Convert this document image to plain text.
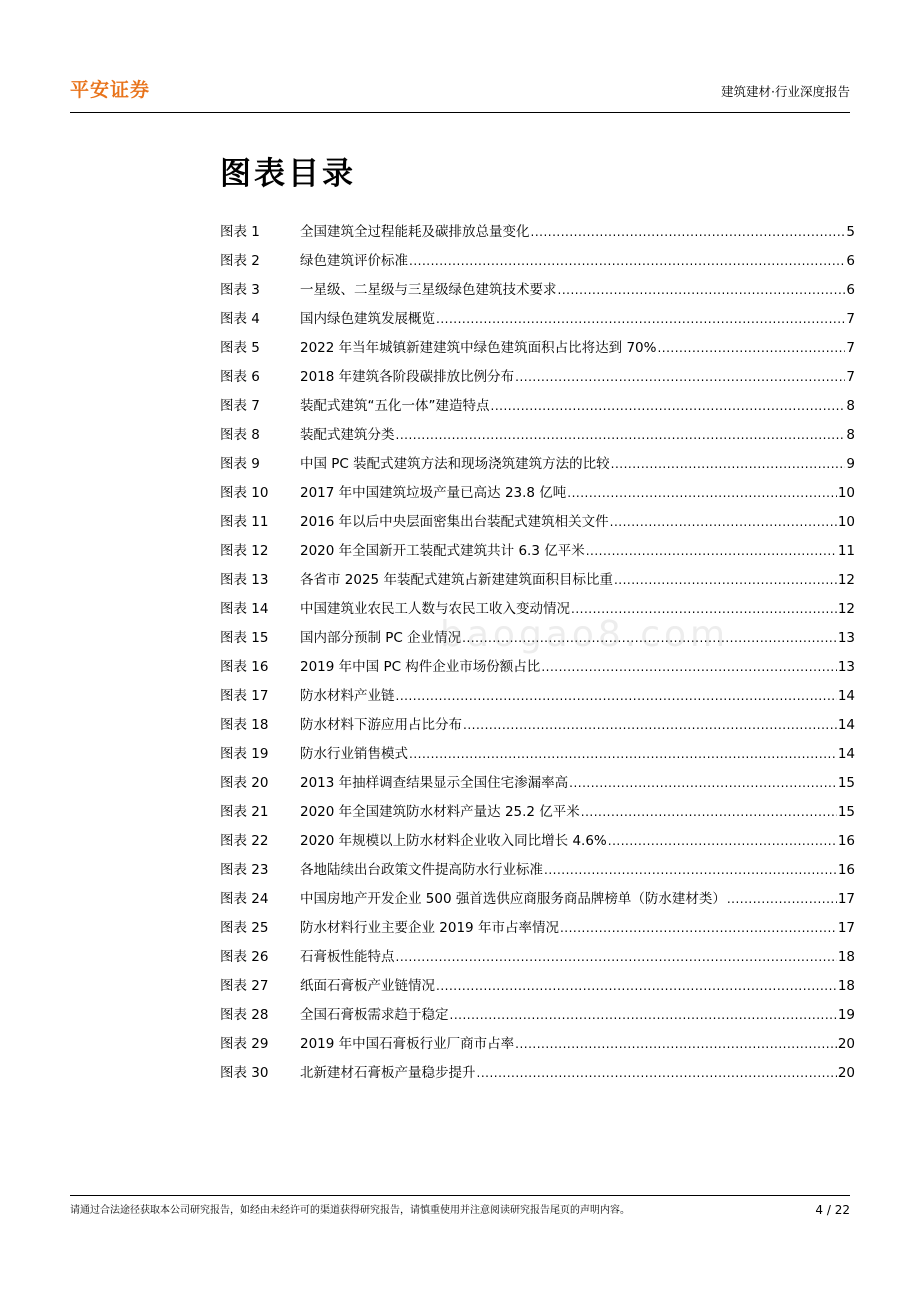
平安证券	建筑建材·行业深度报告
图表目录
图表 1	全国建筑全过程能耗及碳排放总量变化 .....	5
图表 2	绿色建筑评价标准 .....	6
图表 3	一星级、二星级与三星级绿色建筑技术要求 .....	6
图表 4	国内绿色建筑发展概览 .....	7
图表 5	2022 年当年城镇新建建筑中绿色建筑面积占比将达到 70% .....	7
图表 6	2018 年建筑各阶段碳排放比例分布 .....	7
图表 7	装配式建筑“五化一体”建造特点 .....	8
图表 8	装配式建筑分类 .....	8
图表 9	中国 PC 装配式建筑方法和现场浇筑建筑方法的比较 .....	9
图表 10	2017 年中国建筑垃圾产量已高达 23.8 亿吨 .....	10
图表 11	2016 年以后中央层面密集出台装配式建筑相关文件 .....	10
图表 12	2020 年全国新开工装配式建筑共计 6.3 亿平米 .....	11
图表 13	各省市 2025 年装配式建筑占新建建筑面积目标比重 .....	12
图表 14	中国建筑业农民工人数与农民工收入变动情况 .....	12
图表 15	国内部分预制 PC 企业情况 .....	13
图表 16	2019 年中国 PC 构件企业市场份额占比 .....	13
图表 17	防水材料产业链 .....	14
图表 18	防水材料下游应用占比分布 .....	14
图表 19	防水行业销售模式 .....	14
图表 20	2013 年抽样调查结果显示全国住宅渗漏率高 .....	15
图表 21	2020 年全国建筑防水材料产量达 25.2 亿平米 .....	15
图表 22	2020 年规模以上防水材料企业收入同比增长 4.6% .....	16
图表 23	各地陆续出台政策文件提高防水行业标准 .....	16
图表 24	中国房地产开发企业 500 强首选供应商服务商品牌榜单（防水建材类） .....	17
图表 25	防水材料行业主要企业 2019 年市占率情况 .....	17
图表 26	石膏板性能特点 .....	18
图表 27	纸面石膏板产业链情况 .....	18
图表 28	全国石膏板需求趋于稳定 .....	19
图表 29	2019 年中国石膏板行业厂商市占率 .....	20
图表 30	北新建材石膏板产量稳步提升 .....	20
baogao8.com
请通过合法途径获取本公司研究报告，如经由未经许可的渠道获得研究报告，请慎重使用并注意阅读研究报告尾页的声明内容。	4 / 22
